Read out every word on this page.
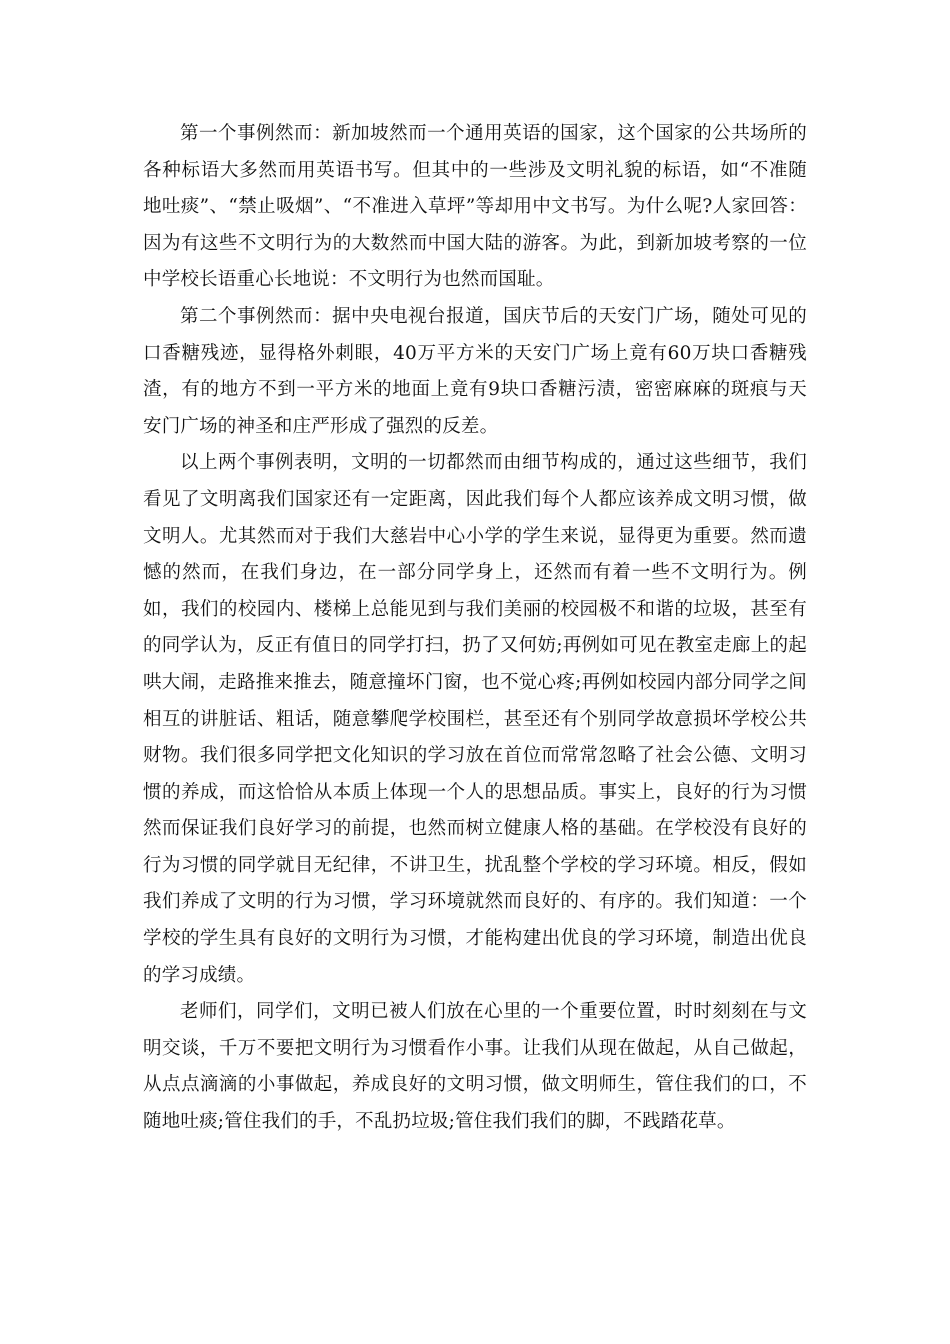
第一个事例然而：新加坡然而一个通用英语的国家，这个国家的公共场所的各种标语大多然而用英语书写。但其中的一些涉及文明礼貌的标语，如“不准随地吐痰”、“禁止吸烟”、“不准进入草坪”等却用中文书写。为什么呢?人家回答：因为有这些不文明行为的大数然而中国大陆的游客。为此，到新加坡考察的一位中学校长语重心长地说：不文明行为也然而国耻。

第二个事例然而：据中央电视台报道，国庆节后的天安门广场，随处可见的口香糖残迹，显得格外刺眼，40万平方米的天安门广场上竟有60万块口香糖残渣，有的地方不到一平方米的地面上竟有9块口香糖污渍，密密麻麻的斑痕与天安门广场的神圣和庄严形成了强烈的反差。

以上两个事例表明，文明的一切都然而由细节构成的，通过这些细节，我们看见了文明离我们国家还有一定距离，因此我们每个人都应该养成文明习惯，做文明人。尤其然而对于我们大慈岩中心小学的学生来说，显得更为重要。然而遗憾的然而，在我们身边，在一部分同学身上，还然而有着一些不文明行为。例如，我们的校园内、楼梯上总能见到与我们美丽的校园极不和谐的垃圾，甚至有的同学认为，反正有值日的同学打扫，扔了又何妨;再例如可见在教室走廊上的起哄大闹，走路推来推去，随意撞坏门窗，也不觉心疼;再例如校园内部分同学之间相互的讲脏话、粗话，随意攀爬学校围栏，甚至还有个别同学故意损坏学校公共财物。我们很多同学把文化知识的学习放在首位而常常忽略了社会公德、文明习惯的养成，而这恰恰从本质上体现一个人的思想品质。事实上，良好的行为习惯然而保证我们良好学习的前提，也然而树立健康人格的基础。在学校没有良好的行为习惯的同学就目无纪律，不讲卫生，扰乱整个学校的学习环境。相反，假如我们养成了文明的行为习惯，学习环境就然而良好的、有序的。我们知道：一个学校的学生具有良好的文明行为习惯，才能构建出优良的学习环境，制造出优良的学习成绩。

老师们，同学们，文明已被人们放在心里的一个重要位置，时时刻刻在与文明交谈，千万不要把文明行为习惯看作小事。让我们从现在做起，从自己做起，从点点滴滴的小事做起，养成良好的文明习惯，做文明师生，管住我们的口，不随地吐痰;管住我们的手，不乱扔垃圾;管住我们我们的脚，不践踏花草。
